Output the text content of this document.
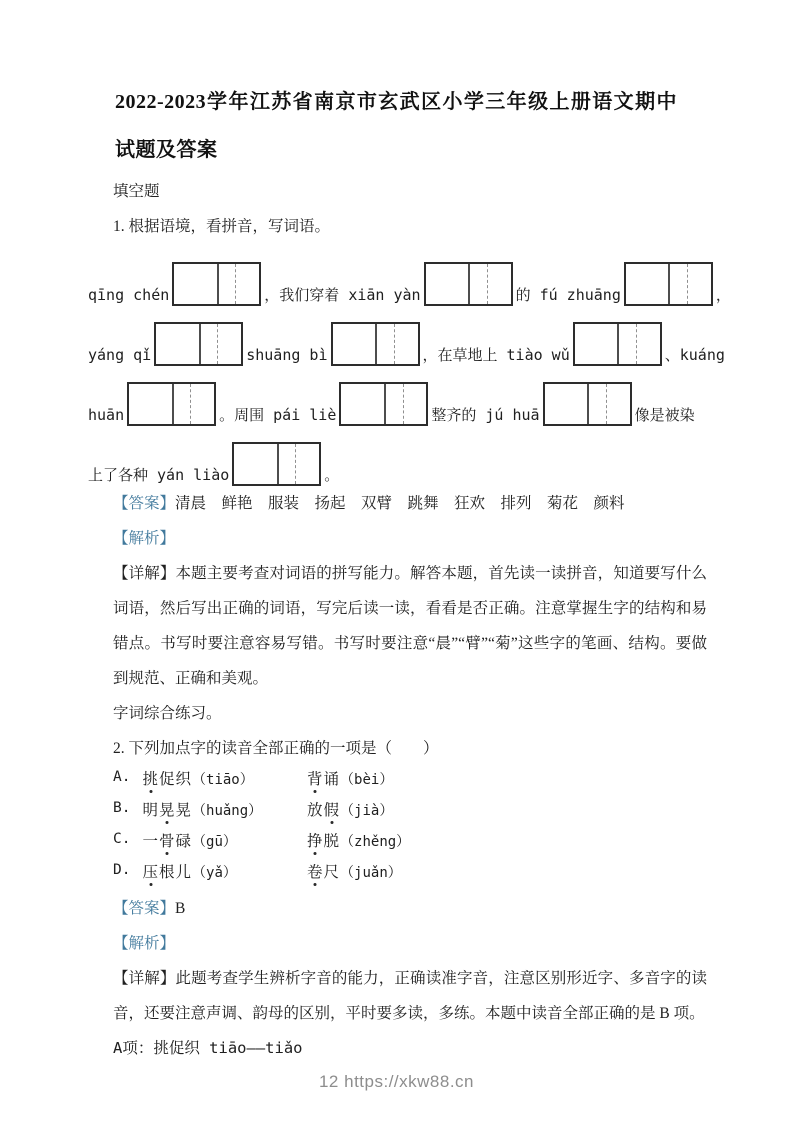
2022-2023学年江苏省南京市玄武区小学三年级上册语文期中试题及答案
填空题
1. 根据语境，看拼音，写词语。
qīng chén	，我们穿着 xiān yàn	的 fú zhuāng	，
yáng qǐ	shuāng bì	，在草地上 tiào wǔ	、kuáng
huān	。周围 pái liè	整齐的 jú huā	像是被染
上了各种 yán liào	。
【答案】清晨　鲜艳　服装　扬起　双臂　跳舞　狂欢　排列　菊花　颜料
【解析】
【详解】本题主要考查对词语的拼写能力。解答本题，首先读一读拼音，知道要写什么词语，然后写出正确的词语，写完后读一读，看看是否正确。注意掌握生字的结构和易错点。书写时要注意容易写错。书写时要注意“晨”“臂”“菊”这些字的笔画、结构。要做到规范、正确和美观。
字词综合练习。
2. 下列加点字的读音全部正确的一项是（　　）
A. 挑促织（tiāo）	背诵（bèi）
B. 明晃晃（huǎng）	放假（jià）
C. 一骨碌（gū）	挣脱（zhěng）
D. 压根儿（yǎ）	卷尺（juǎn）
【答案】B
【解析】
【详解】此题考查学生辨析字音的能力，正确读准字音，注意区别形近字、多音字的读音，还要注意声调、韵母的区别，平时要多读，多练。本题中读音全部正确的是 B 项。
A项：挑促织 tiāo——tiǎo
12 https://xkw88.cn
